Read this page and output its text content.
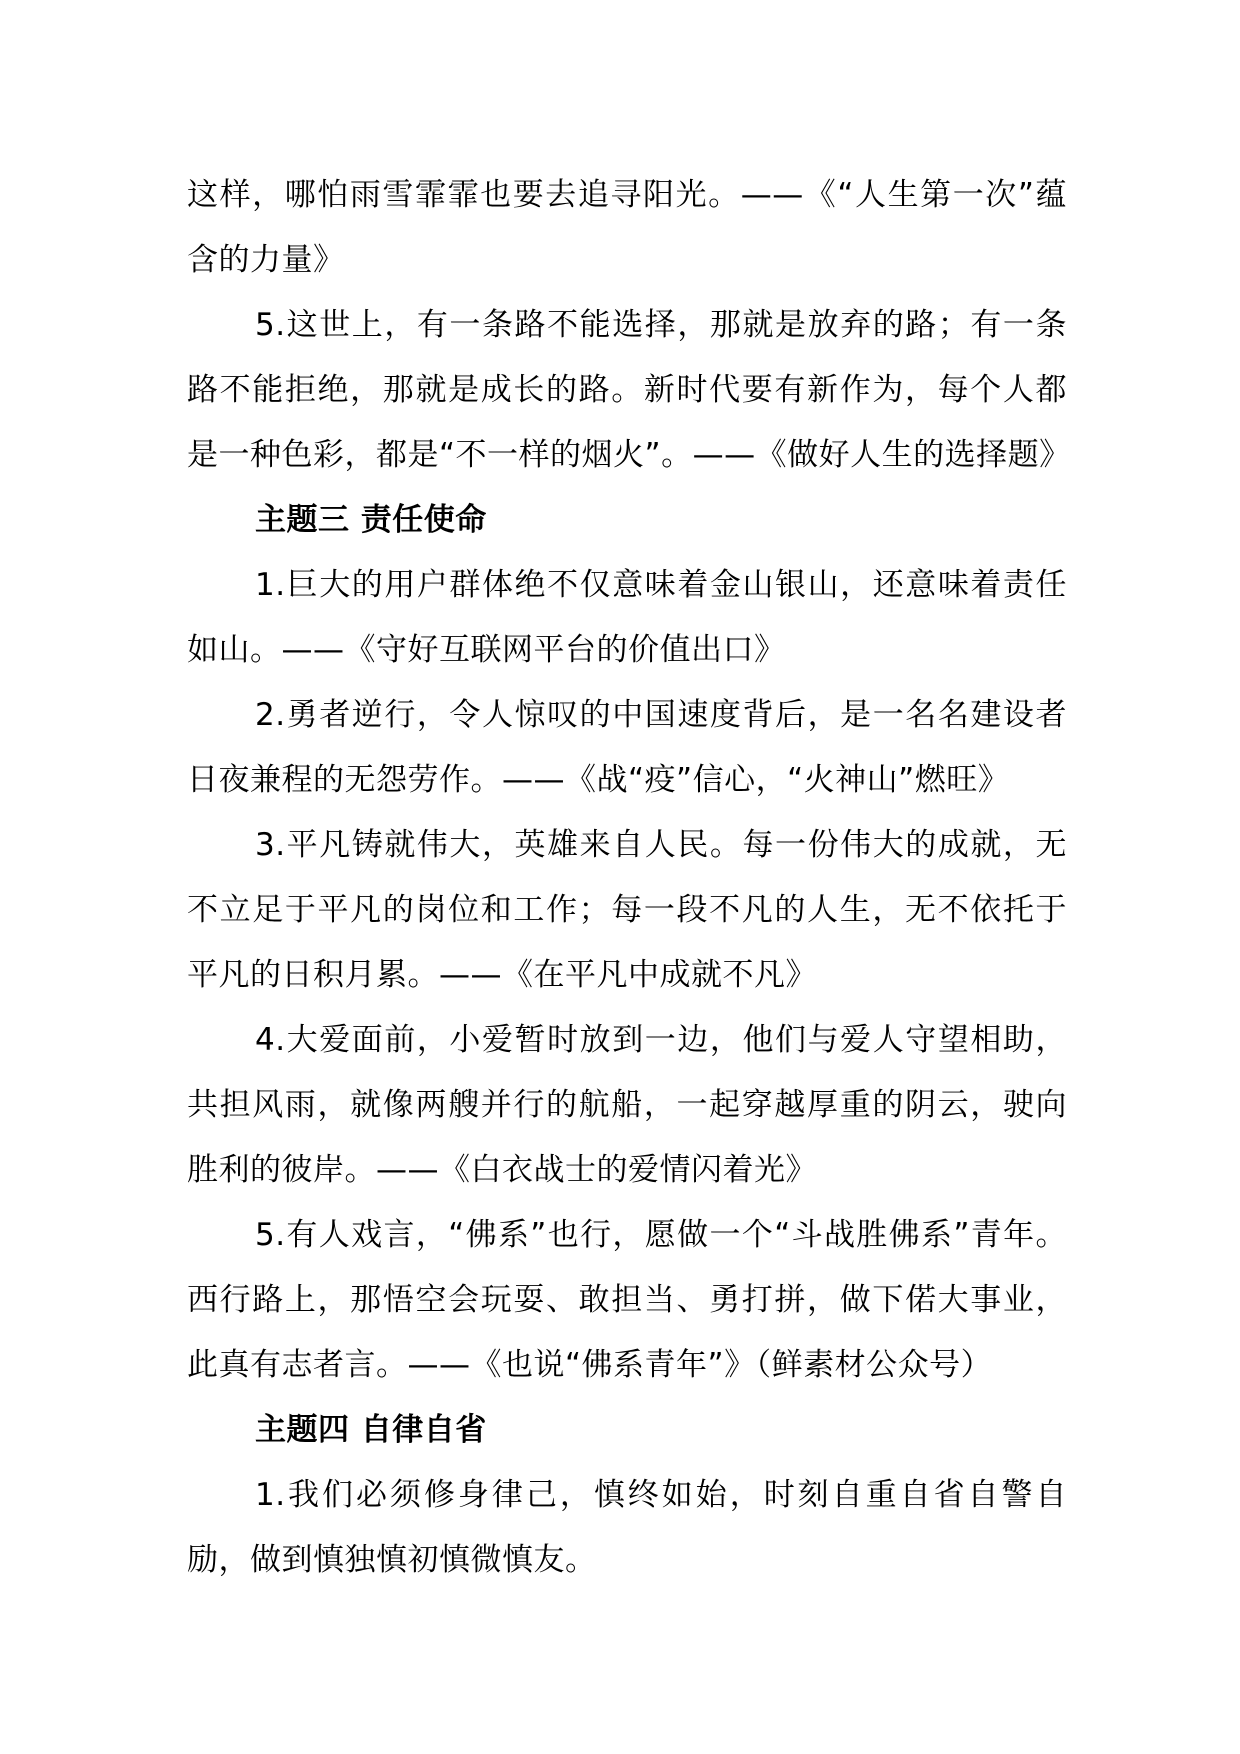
这样，哪怕雨雪霏霏也要去追寻阳光。——《“人生第一次”蕴含的力量》

5.这世上，有一条路不能选择，那就是放弃的路；有一条路不能拒绝，那就是成长的路。新时代要有新作为，每个人都是一种色彩，都是“不一样的烟火”。——《做好人生的选择题》

主题三 责任使命

1.巨大的用户群体绝不仅意味着金山银山，还意味着责任如山。——《守好互联网平台的价值出口》

2.勇者逆行，令人惊叹的中国速度背后，是一名名建设者日夜兼程的无怨劳作。——《战“疫”信心，“火神山”燃旺》

3.平凡铸就伟大，英雄来自人民。每一份伟大的成就，无不立足于平凡的岗位和工作；每一段不凡的人生，无不依托于平凡的日积月累。——《在平凡中成就不凡》

4.大爱面前，小爱暂时放到一边，他们与爱人守望相助，共担风雨，就像两艘并行的航船，一起穿越厚重的阴云，驶向胜利的彼岸。——《白衣战士的爱情闪着光》

5.有人戏言，“佛系”也行，愿做一个“斗战胜佛系”青年。西行路上，那悟空会玩耍、敢担当、勇打拼，做下偌大事业，此真有志者言。——《也说“佛系青年”》（鲜素材公众号）

主题四 自律自省

1.我们必须修身律己，慎终如始，时刻自重自省自警自励，做到慎独慎初慎微慎友。
